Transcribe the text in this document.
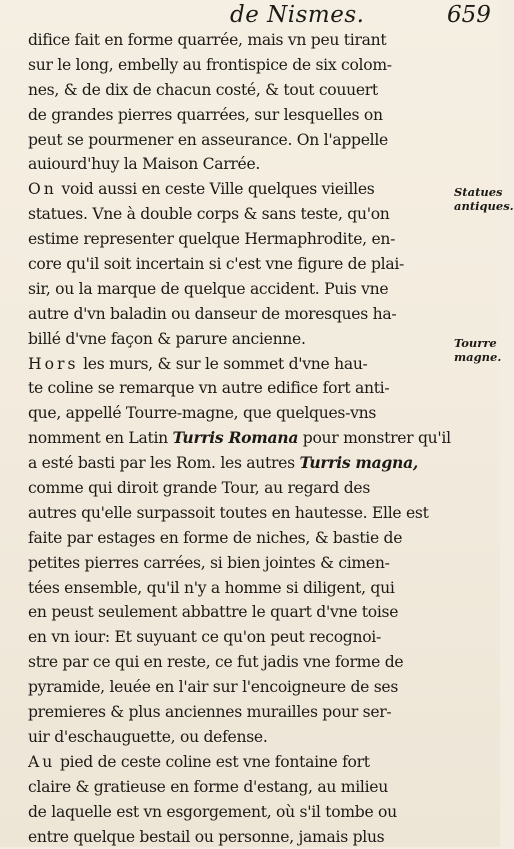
de Nismes.	659
difice fait en forme quarrée, mais vn peu tirant
sur le long, embelly au frontispice de six colom-
nes, & de dix de chacun costé, & tout couuert
de grandes pierres quarrées, sur lesquelles on
peut se pourmener en asseurance. On l'appelle
auiourd'huy la Maison Carrée.
On void aussi en ceste Ville quelques vieilles
statues. Vne à double corps & sans teste, qu'on
estime representer quelque Hermaphrodite, en-
core qu'il soit incertain si c'est vne figure de plai-
sir, ou la marque de quelque accident. Puis vne
autre d'vn baladin ou danseur de moresques ha-
billé d'vne façon & parure ancienne.
Hors les murs, & sur le sommet d'vne hau-
te coline se remarque vn autre edifice fort anti-
que, appellé Tourre-magne, que quelques-vns
nomment en Latin Turris Romana pour monstrer qu'il
a esté basti par les Rom. les autres Turris magna,
comme qui diroit grande Tour, au regard des
autres qu'elle surpassoit toutes en hautesse. Elle est
faite par estages en forme de niches, & bastie de
petites pierres carrées, si bien jointes & cimen-
tées ensemble, qu'il n'y a homme si diligent, qui
en peust seulement abbattre le quart d'vne toise
en vn iour: Et suyuant ce qu'on peut recognoi-
stre par ce qui en reste, ce fut jadis vne forme de
pyramide, leuée en l'air sur l'encoigneure de ses
premieres & plus anciennes murailles pour ser-
uir d'eschauguette, ou defense.
Au pied de ceste coline est vne fontaine fort
claire & gratieuse en forme d'estang, au milieu
de laquelle est vn esgorgement, où s'il tombe ou
entre quelque bestail ou personne, jamais plus
Statues antiques.
Tourre magne.
